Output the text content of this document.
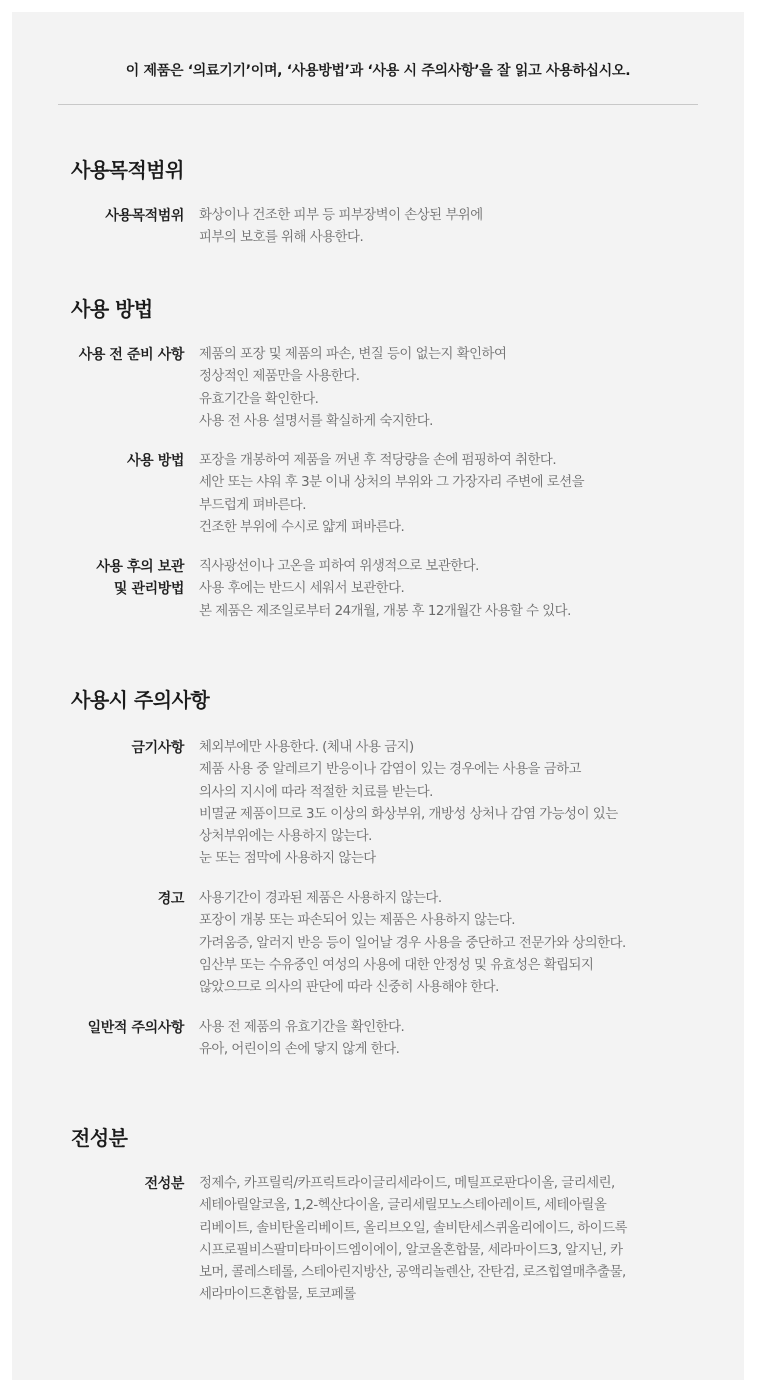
이 제품은 ‘의료기기’이며, ‘사용방법’과 ‘사용 시 주의사항’을 잘 읽고 사용하십시오.
사용목적범위
사용목적범위 화상이나 건조한 피부 등 피부장벽이 손상된 부위에
피부의 보호를 위해 사용한다.
사용 방법
사용 전 준비 사항 제품의 포장 및 제품의 파손, 변질 등이 없는지 확인하여
정상적인 제품만을 사용한다.
유효기간을 확인한다.
사용 전 사용 설명서를 확실하게 숙지한다.
사용 방법 포장을 개봉하여 제품을 꺼낸 후 적당량을 손에 펌핑하여 취한다.
세안 또는 샤워 후 3분 이내 상처의 부위와 그 가장자리 주변에 로션을
부드럽게 펴바른다.
건조한 부위에 수시로 얇게 펴바른다.
사용 후의 보관
및 관리방법
직사광선이나 고온을 피하여 위생적으로 보관한다.
사용 후에는 반드시 세워서 보관한다.
본 제품은 제조일로부터 24개월, 개봉 후 12개월간 사용할 수 있다.
사용시 주의사항
금기사항 체외부에만 사용한다. (체내 사용 금지)
제품 사용 중 알레르기 반응이나 감염이 있는 경우에는 사용을 금하고
의사의 지시에 따라 적절한 치료를 받는다.
비멸균 제품이므로 3도 이상의 화상부위, 개방성 상처나 감염 가능성이 있는
상처부위에는 사용하지 않는다.
눈 또는 점막에 사용하지 않는다
경고 사용기간이 경과된 제품은 사용하지 않는다.
포장이 개봉 또는 파손되어 있는 제품은 사용하지 않는다.
가려움증, 알러지 반응 등이 일어날 경우 사용을 중단하고 전문가와 상의한다.
임산부 또는 수유중인 여성의 사용에 대한 안정성 및 유효성은 확립되지
않았으므로 의사의 판단에 따라 신중히 사용해야 한다.
일반적 주의사항 사용 전 제품의 유효기간을 확인한다.
유아, 어린이의 손에 닿지 않게 한다.
전성분
전성분 정제수, 카프릴릭/카프릭트라이글리세라이드, 메틸프로판다이올, 글리세린,
세테아릴알코올, 1,2-헥산다이올, 글리세릴모노스테아레이트, 세테아릴올
리베이트, 솔비탄올리베이트, 올리브오일, 솔비탄세스퀴올리에이드, 하이드록
시프로필비스팔미타마이드엠이에이, 알코올혼합물, 세라마이드3, 알지닌, 카
보머, 콜레스테롤, 스테아린지방산, 공액리놀렌산, 잔탄검, 로즈힙열매추출물,
세라마이드혼합물, 토코페롤
